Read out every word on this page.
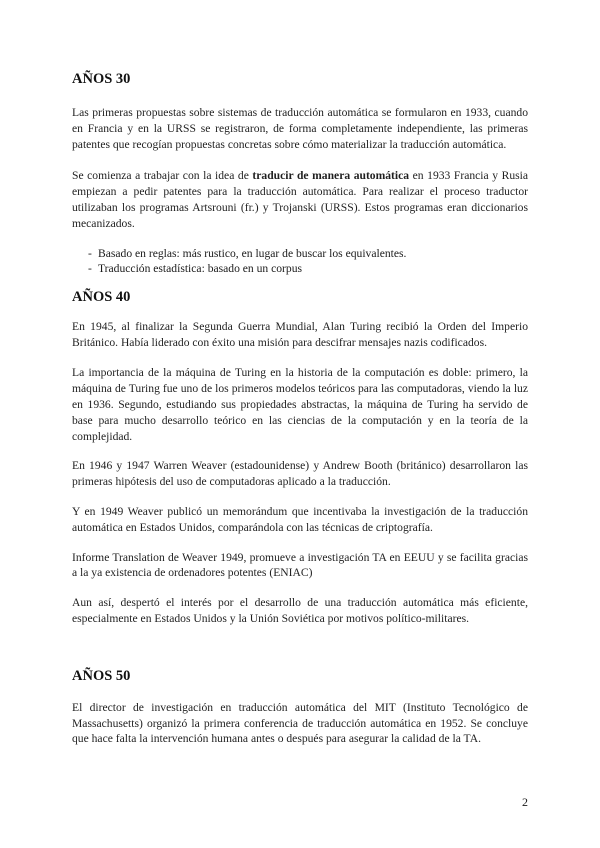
AÑOS 30

Las primeras propuestas sobre sistemas de traducción automática se formularon en 1933, cuando en Francia y en la URSS se registraron, de forma completamente independiente, las primeras patentes que recogían propuestas concretas sobre cómo materializar la traducción automática.

Se comienza a trabajar con la idea de traducir de manera automática en 1933 Francia y Rusia empiezan a pedir patentes para la traducción automática. Para realizar el proceso traductor utilizaban los programas Artsrouni (fr.) y Trojanski (URSS). Estos programas eran diccionarios mecanizados.

- Basado en reglas: más rustico, en lugar de buscar los equivalentes.
- Traducción estadística: basado en un corpus
AÑOS 40

En 1945, al finalizar la Segunda Guerra Mundial, Alan Turing recibió la Orden del Imperio Británico. Había liderado con éxito una misión para descifrar mensajes nazis codificados.

La importancia de la máquina de Turing en la historia de la computación es doble: primero, la máquina de Turing fue uno de los primeros modelos teóricos para las computadoras, viendo la luz en 1936. Segundo, estudiando sus propiedades abstractas, la máquina de Turing ha servido de base para mucho desarrollo teórico en las ciencias de la computación y en la teoría de la complejidad.

En 1946 y 1947 Warren Weaver (estadounidense) y Andrew Booth (británico) desarrollaron las primeras hipótesis del uso de computadoras aplicado a la traducción.

Y en 1949 Weaver publicó un memorándum que incentivaba la investigación de la traducción automática en Estados Unidos, comparándola con las técnicas de criptografía.

Informe Translation de Weaver 1949, promueve a investigación TA en EEUU y se facilita gracias a la ya existencia de ordenadores potentes (ENIAC)

Aun así, despertó el interés por el desarrollo de una traducción automática más eficiente, especialmente en Estados Unidos y la Unión Soviética por motivos político-militares.

AÑOS 50

El director de investigación en traducción automática del MIT (Instituto Tecnológico de Massachusetts) organizó la primera conferencia de traducción automática en 1952. Se concluye que hace falta la intervención humana antes o después para asegurar la calidad de la TA.

2
